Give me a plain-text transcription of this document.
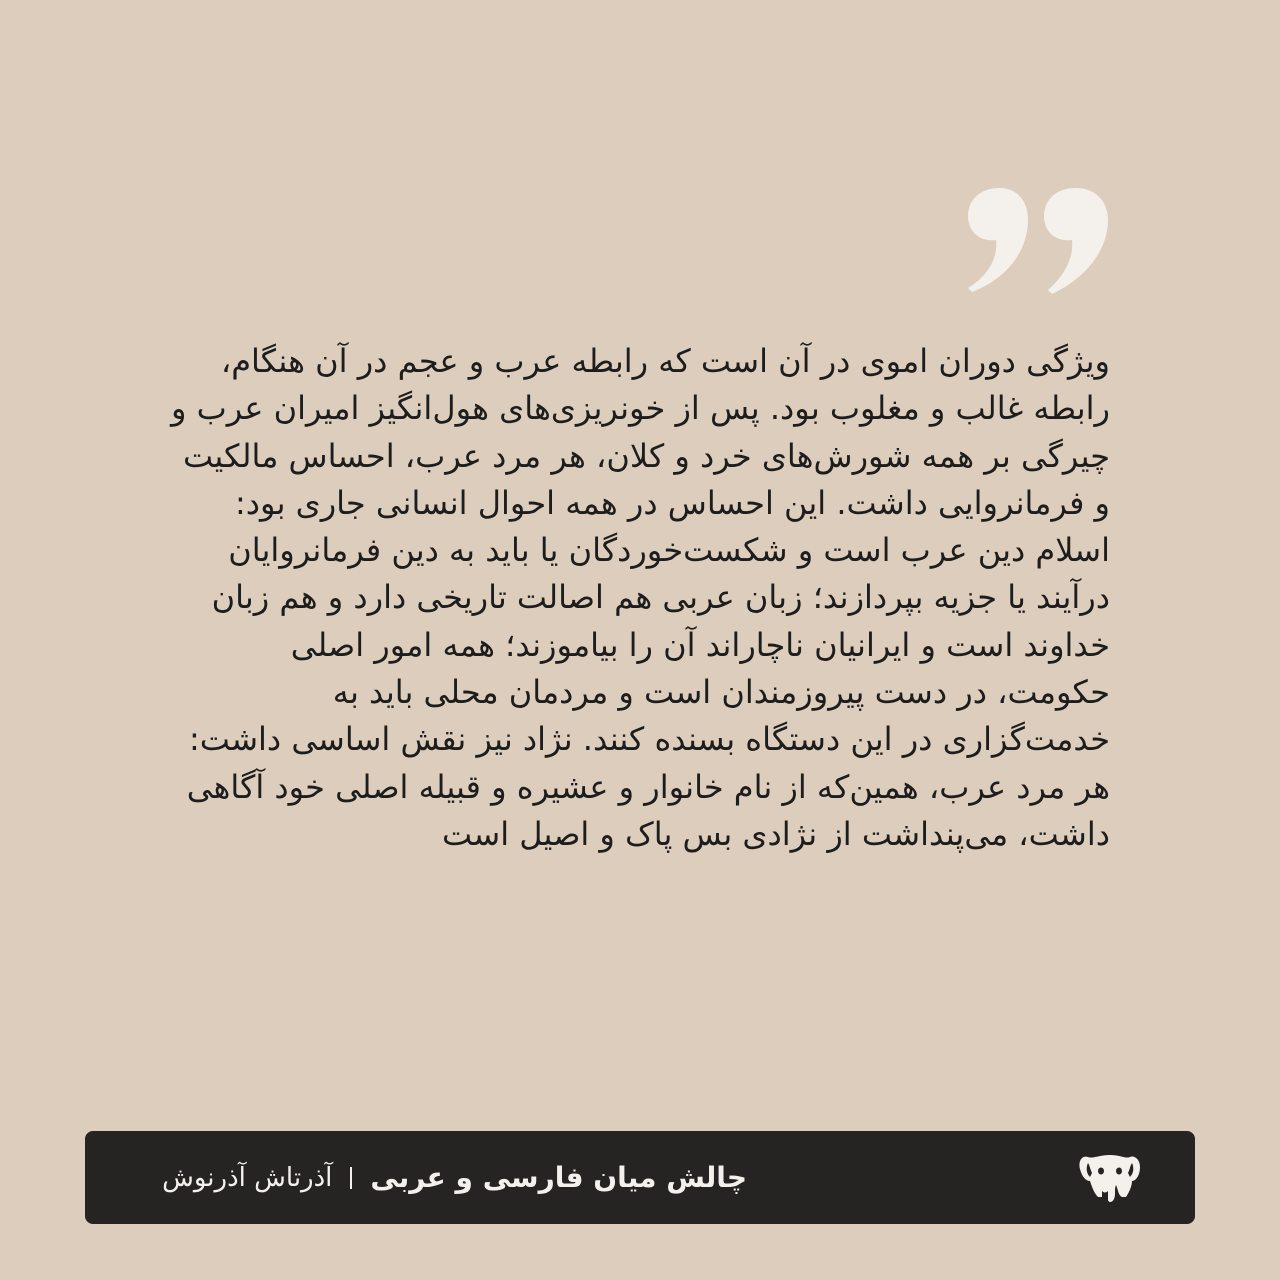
ویژگی دوران اموی در آن است که رابطه عرب و عجم در آن هنگام، رابطه غالب و مغلوب بود. پس از خونریزی‌های هول‌انگیز امیران عرب و چیرگی بر همه شورش‌های خرد و کلان، هر مرد عرب، احساس مالکیت و فرمانروایی داشت. این احساس در همه احوال انسانی جاری بود: اسلام دین عرب است و شکست‌خوردگان یا باید به دین فرمانروایان درآیند یا جزیه بپردازند؛ زبان عربی هم اصالت تاریخی دارد و هم زبان خداوند است و ایرانیان ناچاراند آن را بیاموزند؛ همه امور اصلی حکومت، در دست پیروزمندان است و مردمان محلی باید به خدمت‌گزاری در این دستگاه بسنده کنند. نژاد نیز نقش اساسی داشت: هر مرد عرب، همین‌که از نام خانوار و عشیره و قبیله اصلی خود آگاهی داشت، می‌پنداشت از نژادی بس پاک و اصیل است

چالش میان فارسی و عربی
آذرتاش آذرنوش
